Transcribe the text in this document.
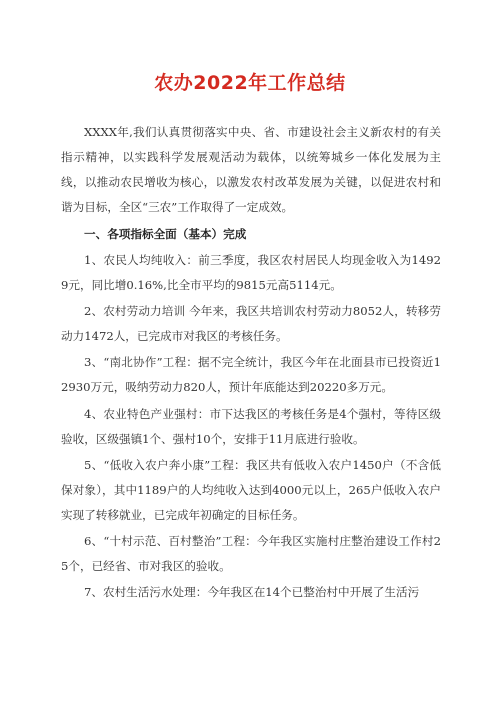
农办2022年工作总结

XXXX年,我们认真贯彻落实中央、省、市建设社会主义新农村的有关指示精神，以实践科学发展观活动为载体，以统筹城乡一体化发展为主线，以推动农民增收为核心，以激发农村改革发展为关键，以促进农村和谐为目标，全区“三农”工作取得了一定成效。

一、各项指标全面（基本）完成

1、农民人均纯收入：前三季度，我区农村居民人均现金收入为14929元，同比增0.16%,比全市平均的9815元高5114元。

2、农村劳动力培训 今年来，我区共培训农村劳动力8052人，转移劳动力1472人，已完成市对我区的考核任务。

3、“南北协作”工程：据不完全统计，我区今年在北面县市已投资近12930万元，吸纳劳动力820人，预计年底能达到20220多万元。

4、农业特色产业强村：市下达我区的考核任务是4个强村，等待区级验收，区级强镇1个、强村10个，安排于11月底进行验收。

5、“低收入农户奔小康”工程：我区共有低收入农户1450户（不含低保对象），其中1189户的人均纯收入达到4000元以上，265户低收入农户实现了转移就业，已完成年初确定的目标任务。

6、“十村示范、百村整治”工程：今年我区实施村庄整治建设工作村25个，已经省、市对我区的验收。

7、农村生活污水处理：今年我区在14个已整治村中开展了生活污
